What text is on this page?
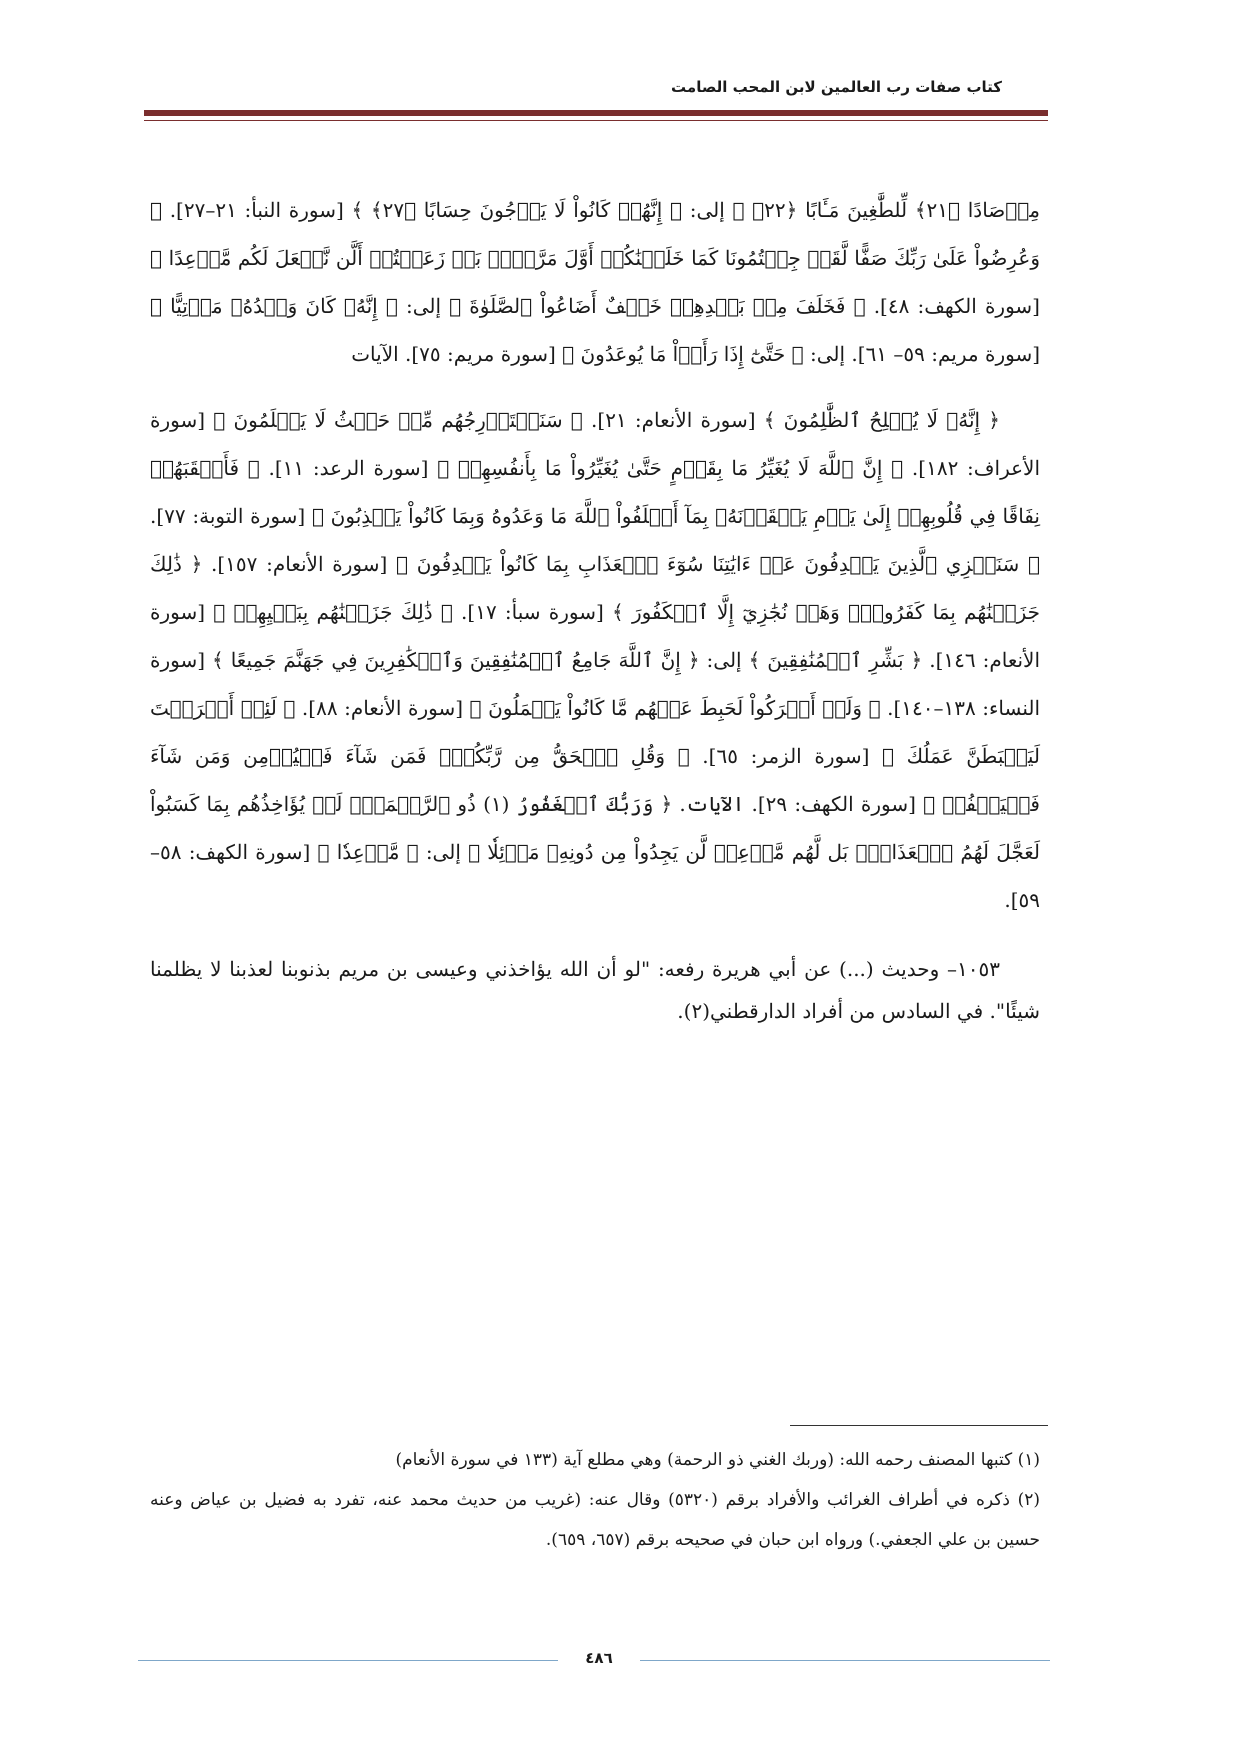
كتاب صفات رب العالمين لابن المحب الصامت

مِرۡصَادًا ﴿٢١﴾ لِّلطَّٰغِينَ مَـَٔابًا ﴿٢٢﴾ ﴾ إلى: ﴿ إِنَّهُمۡ كَانُواْ لَا يَرۡجُونَ حِسَابًا ﴿٢٧﴾ ﴾ [سورة النبأ: ٢١–٢٧]. ﴿ وَعُرِضُواْ عَلَىٰ رَبِّكَ صَفًّا لَّقَدۡ جِئۡتُمُونَا كَمَا خَلَقۡنَٰكُمۡ أَوَّلَ مَرَّةِۭۚ بَلۡ زَعَمۡتُمۡ أَلَّن نَّجۡعَلَ لَكُم مَّوۡعِدًا ﴾ [سورة الكهف: ٤٨]. ﴿ فَخَلَفَ مِنۢ بَعۡدِهِمۡ خَلۡفٌ أَضَاعُواْ ٱلصَّلَوٰةَ ﴾ إلى: ﴿ إِنَّهُۥ كَانَ وَعۡدُهُۥ مَأۡتِيًّا ﴾ [سورة مريم: ٥٩– ٦١]. إلى: ﴿ حَتَّىٰٓ إِذَا رَأَوۡاْ مَا يُوعَدُونَ ﴾ [سورة مريم: ٧٥]. الآيات

﴿ إِنَّهُۥ لَا يُفۡلِحُ ٱلظَّٰلِمُونَ ﴾ [سورة الأنعام: ٢١]. ﴿ سَنَسۡتَدۡرِجُهُم مِّنۡ حَيۡثُ لَا يَعۡلَمُونَ ﴾ [سورة الأعراف: ١٨٢]. ﴿ إِنَّ ٱللَّهَ لَا يُغَيِّرُ مَا بِقَوۡمٍ حَتَّىٰ يُغَيِّرُواْ مَا بِأَنفُسِهِمۡ ﴾ [سورة الرعد: ١١]. ﴿ فَأَعۡقَبَهُمۡ نِفَاقًا فِي قُلُوبِهِمۡ إِلَىٰ يَوۡمِ يَلۡقَوۡنَهُۥ بِمَآ أَخۡلَفُواْ ٱللَّهَ مَا وَعَدُوهُ وَبِمَا كَانُواْ يَكۡذِبُونَ ﴾ [سورة التوبة: ٧٧]. ﴿ سَنَجۡزِي ٱلَّذِينَ يَصۡدِفُونَ عَنۡ ءَايَٰتِنَا سُوٓءَ ٱلۡعَذَابِ بِمَا كَانُواْ يَصۡدِفُونَ ﴾ [سورة الأنعام: ١٥٧]. ﴿ ذَٰلِكَ جَزَيۡنَٰهُم بِمَا كَفَرُواْۖ وَهَلۡ نُجَٰزِيٓ إِلَّا ٱلۡكَفُورَ ﴾ [سورة سبأ: ١٧]. ﴿ ذَٰلِكَ جَزَيۡنَٰهُم بِبَغۡيِهِمۡ ﴾ [سورة الأنعام: ١٤٦]. ﴿ بَشِّرِ ٱلۡمُنَٰفِقِينَ ﴾ إلى: ﴿ إِنَّ ٱللَّهَ جَامِعُ ٱلۡمُنَٰفِقِينَ وَٱلۡكَٰفِرِينَ فِي جَهَنَّمَ جَمِيعًا ﴾ [سورة النساء: ١٣٨–١٤٠]. ﴿ وَلَوۡ أَشۡرَكُواْ لَحَبِطَ عَنۡهُم مَّا كَانُواْ يَعۡمَلُونَ ﴾ [سورة الأنعام: ٨٨]. ﴿ لَئِنۡ أَشۡرَكۡتَ لَيَحۡبَطَنَّ عَمَلُكَ ﴾ [سورة الزمر: ٦٥]. ﴿ وَقُلِ ٱلۡحَقُّ مِن رَّبِّكُمۡۖ فَمَن شَآءَ فَلۡيُؤۡمِن وَمَن شَآءَ فَلۡيَكۡفُرۡ ﴾ [سورة الكهف: ٢٩]. الآيات. ﴿ وَرَبُّكَ ٱلۡغَفُورُ (١) ذُو ٱلرَّحۡمَةِۖ لَوۡ يُؤَاخِذُهُم بِمَا كَسَبُواْ لَعَجَّلَ لَهُمُ ٱلۡعَذَابَۚ بَل لَّهُم مَّوۡعِدٞ لَّن يَجِدُواْ مِن دُونِهِۦ مَوۡئِلٗا ﴾ إلى: ﴿ مَّوۡعِدٗا ﴾ [سورة الكهف: ٥٨– ٥٩].

١٠٥٣– وحديث (...) عن أبي هريرة رفعه: "لو أن الله يؤاخذني وعيسى بن مريم بذنوبنا لعذبنا لا يظلمنا شيئًا". في السادس من أفراد الدارقطني(٢).

(١) كتبها المصنف رحمه الله: (وربك الغني ذو الرحمة) وهي مطلع آية (١٣٣ في سورة الأنعام)

(٢) ذكره في أطراف الغرائب والأفراد برقم (٥٣٢٠) وقال عنه: (غريب من حديث محمد عنه، تفرد به فضيل بن عياض وعنه حسين بن علي الجعفي.) ورواه ابن حبان في صحيحه برقم (٦٥٧، ٦٥٩).

٤٨٦
